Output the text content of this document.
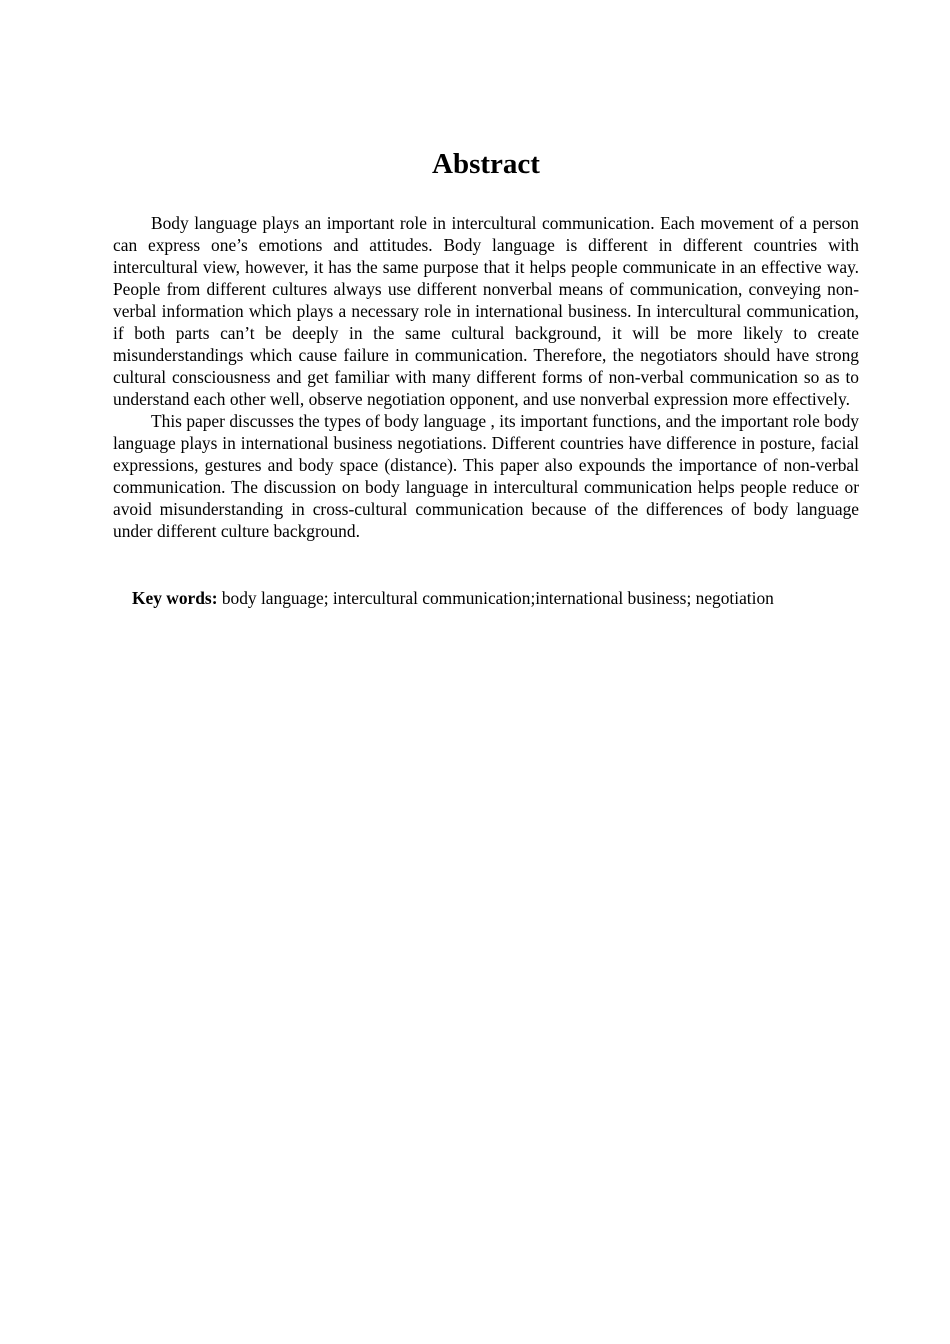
Abstract

Body language plays an important role in intercultural communication. Each movement of a person can express one’s emotions and attitudes. Body language is different in different countries with intercultural view, however, it has the same purpose that it helps people communicate in an effective way. People from different cultures always use different nonverbal means of communication, conveying non-verbal information which plays a necessary role in international business. In intercultural communication, if both parts can’t be deeply in the same cultural background, it will be more likely to create misunderstandings which cause failure in communication. Therefore, the negotiators should have strong cultural consciousness and get familiar with many different forms of non-verbal communication so as to understand each other well, observe negotiation opponent, and use nonverbal expression more effectively.

This paper discusses the types of body language , its important functions, and the important role body language plays in international business negotiations. Different countries have difference in posture, facial expressions, gestures and body space (distance). This paper also expounds the importance of non-verbal communication. The discussion on body language in intercultural communication helps people reduce or avoid misunderstanding in cross-cultural communication because of the differences of body language under different culture background.

Key words: body language; intercultural communication;international business; negotiation
